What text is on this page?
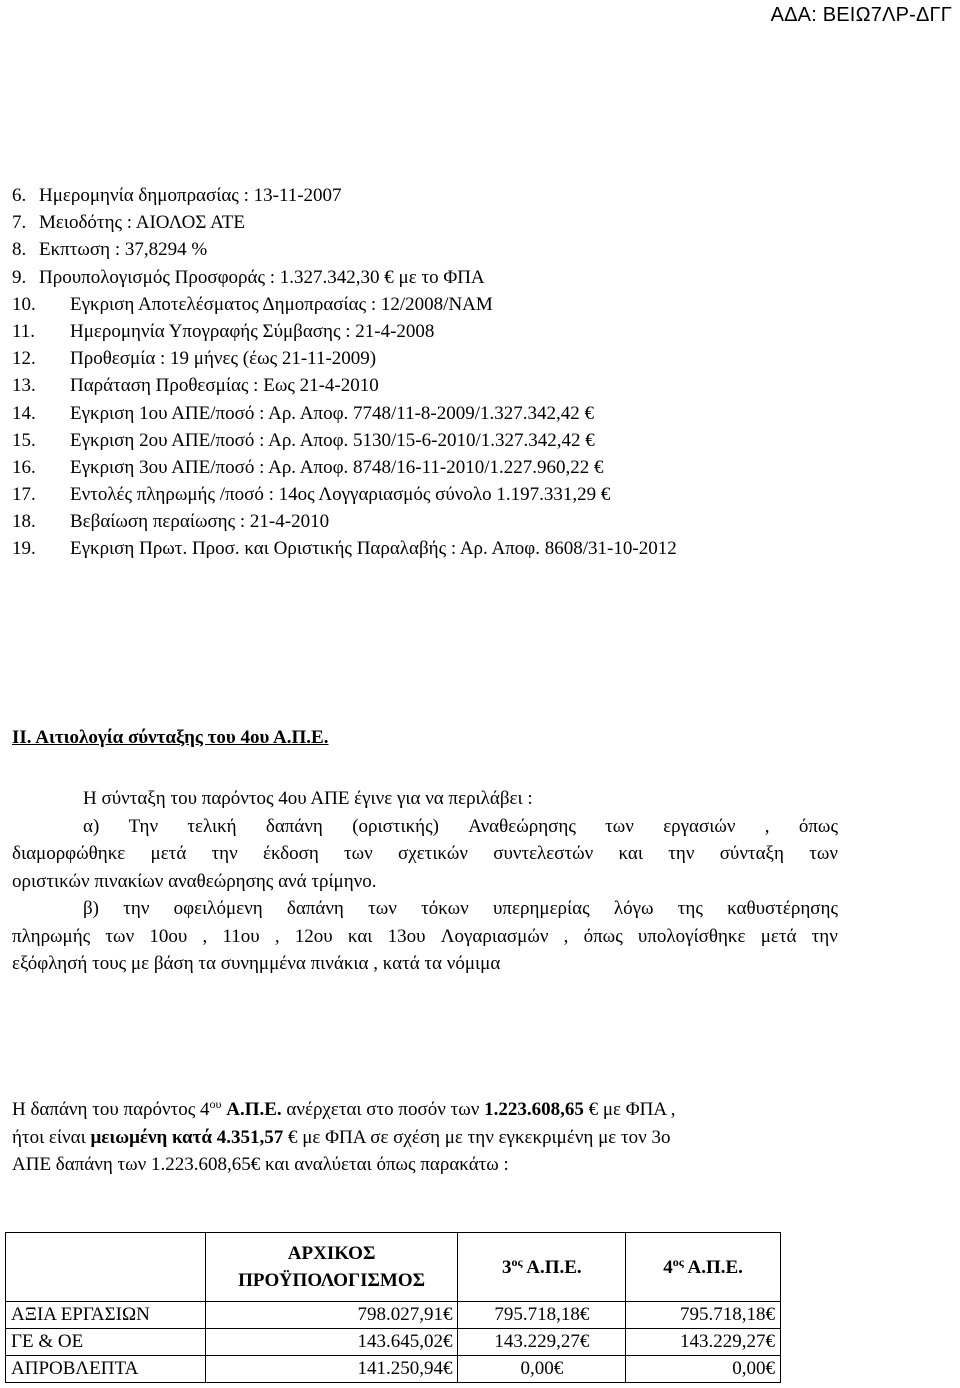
ΑΔΑ: ΒΕΙΩ7ΛΡ-ΔΓΓ
6. Ημερομηνία δημοπρασίας : 13-11-2007
7. Μειοδότης : ΑΙΟΛΟΣ ΑΤΕ
8. Εκπτωση : 37,8294 %
9. Προυπολογισμός Προσφοράς : 1.327.342,30 € με το ΦΠΑ
10. Εγκριση Αποτελέσματος Δημοπρασίας : 12/2008/ΝΑΜ
11. Ημερομηνία Υπογραφής Σύμβασης : 21-4-2008
12. Προθεσμία : 19 μήνες (έως 21-11-2009)
13. Παράταση Προθεσμίας : Εως 21-4-2010
14. Εγκριση 1ου ΑΠΕ/ποσό : Αρ. Αποφ. 7748/11-8-2009/1.327.342,42 €
15. Εγκριση 2ου ΑΠΕ/ποσό : Αρ. Αποφ. 5130/15-6-2010/1.327.342,42 €
16. Εγκριση 3ου ΑΠΕ/ποσό : Αρ. Αποφ. 8748/16-11-2010/1.227.960,22 €
17. Εντολές πληρωμής /ποσό : 14ος Λογγαριασμός σύνολο 1.197.331,29 €
18. Βεβαίωση περαίωσης : 21-4-2010
19. Εγκριση Πρωτ. Προσ. και Οριστικής Παραλαβής : Αρ. Αποφ. 8608/31-10-2012
ΙΙ. Αιτιολογία σύνταξης του 4ου Α.Π.Ε.
Η σύνταξη του παρόντος 4ου ΑΠΕ έγινε για να περιλάβει :
α) Την τελική δαπάνη (οριστικής) Αναθεώρησης των εργασιών , όπως
διαμορφώθηκε μετά την έκδοση των σχετικών συντελεστών και την σύνταξη των
οριστικών πινακίων αναθεώρησης ανά τρίμηνο.
β) την οφειλόμενη δαπάνη των τόκων υπερημερίας λόγω της καθυστέρησης
πληρωμής των 10ου , 11ου , 12ου και 13ου Λογαριασμών , όπως υπολογίσθηκε μετά την
εξόφλησή τους με βάση τα συνημμένα πινάκια , κατά τα νόμιμα
Η δαπάνη του παρόντος $4^{o\upsilon}$ Α.Π.Ε. ανέρχεται στο ποσόν των 1.223.608,65 € με ΦΠΑ ,
ήτοι είναι μειωμένη κατά 4.351,57 € με ΦΠΑ σε σχέση με την εγκεκριμένη με τον 3ο
ΑΠΕ δαπάνη των 1.223.608,65€ και αναλύεται όπως παρακάτω :
	ΑΡΧΙΚΟΣ
ΠΡΟΫΠΟΛΟΓΙΣΜΟΣ	$3^{o\varsigma}$ Α.Π.Ε.	$4^{o\varsigma}$ Α.Π.Ε.
ΑΞΙΑ ΕΡΓΑΣΙΩΝ	798.027,91€	795.718,18€	795.718,18€
ΓΕ & ΟΕ	143.645,02€	143.229,27€	143.229,27€
ΑΠΡΟΒΛΕΠΤΑ	141.250,94€	0,00€	0,00€
